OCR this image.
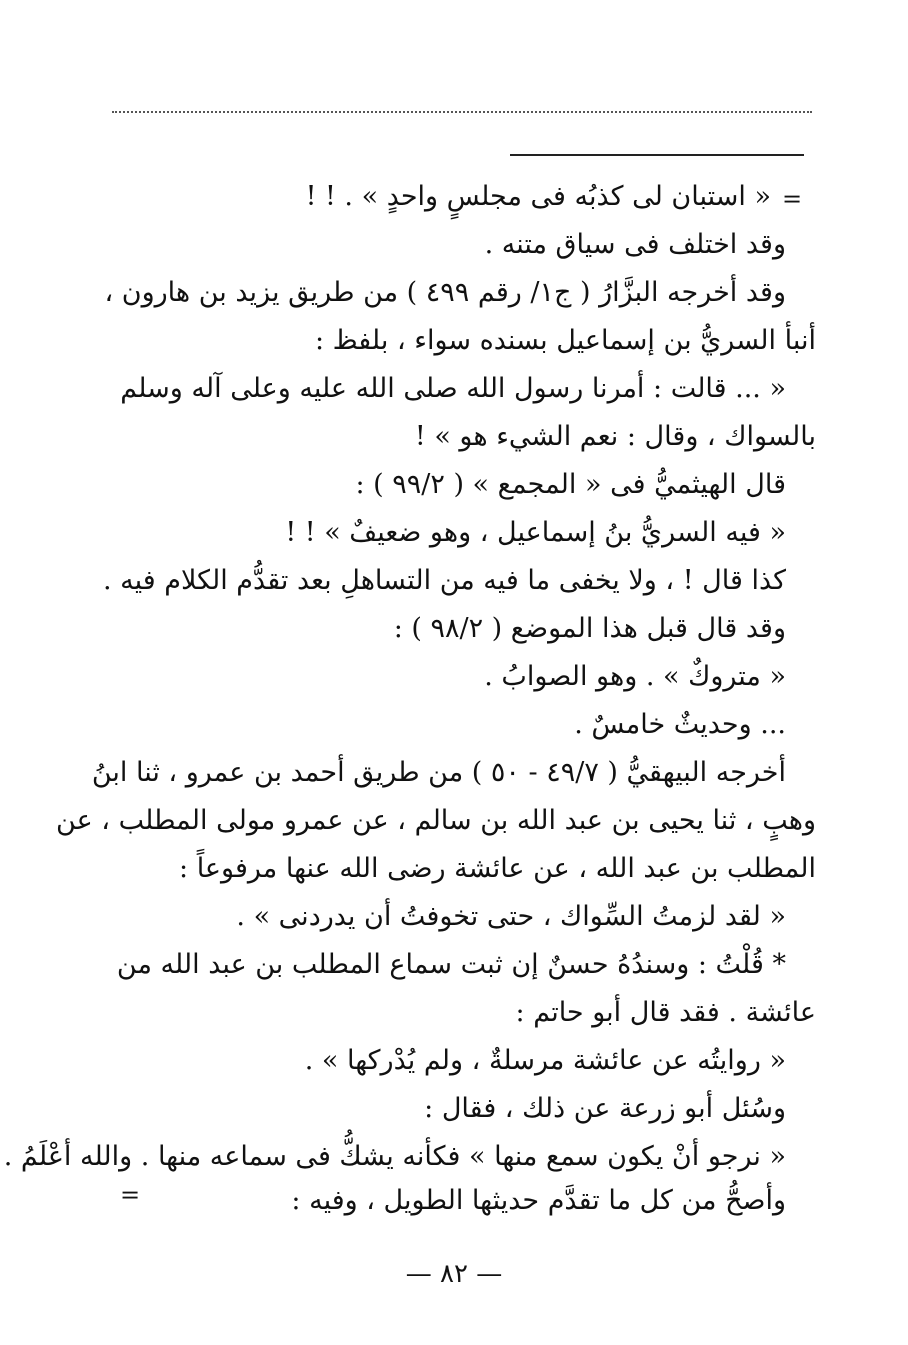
=
« استبان لى كذبُه فى مجلسٍ واحدٍ » . ! !
وقد اختلف فى سياق متنه .
وقد أخرجه البزَّارُ ( ج١/ رقم ٤٩٩ ) من طريق يزيد بن هارون ،
أنبأ السريُّ بن إسماعيل بسنده سواء ، بلفظ :
« ... قالت : أمرنا رسول الله صلى الله عليه وعلى آله وسلم
بالسواك ، وقال : نعم الشيء هو » !
قال الهيثميُّ فى « المجمع » ( ٩٩/٢ ) :
« فيه السريُّ بنُ إسماعيل ، وهو ضعيفٌ » ! !
كذا قال ! ، ولا يخفى ما فيه من التساهلِ بعد تقدُّم الكلام فيه .
وقد قال قبل هذا الموضع ( ٩٨/٢ ) :
« متروكٌ » . وهو الصوابُ .
... وحديثٌ خامسٌ .
أخرجه البيهقيُّ ( ٤٩/٧ - ٥٠ ) من طريق أحمد بن عمرو ، ثنا ابنُ
وهبٍ ، ثنا يحيى بن عبد الله بن سالم ، عن عمرو مولى المطلب ، عن
المطلب بن عبد الله ، عن عائشة رضى الله عنها مرفوعاً :
« لقد لزمتُ السِّواك ، حتى تخوفتُ أن يدردنى » .
* قُلْتُ : وسندُهُ حسنٌ إن ثبت سماع المطلب بن عبد الله من
عائشة . فقد قال أبو حاتم :
« روايتُه عن عائشة مرسلةٌ ، ولم يُدْركها » .
وسُئل أبو زرعة عن ذلك ، فقال :
« نرجو أنْ يكون سمع منها » فكأنه يشكُّ فى سماعه منها . والله أعْلَمُ .
وأصحُّ من كل ما تقدَّم حديثها الطويل ، وفيه :
=
— ٨٢ —
